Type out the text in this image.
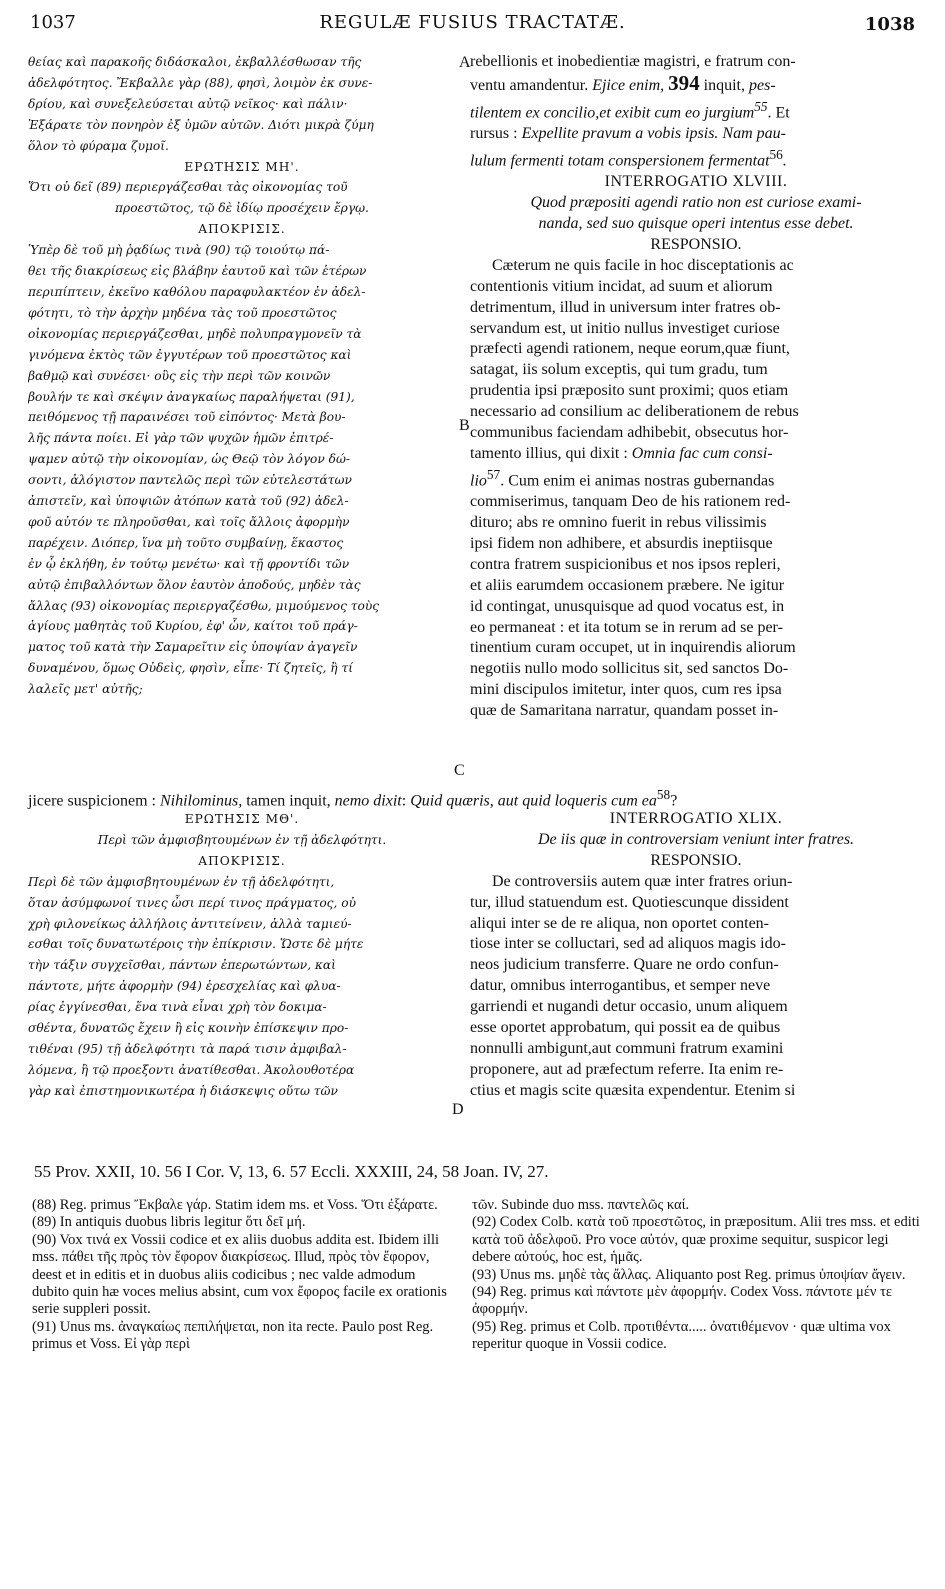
1037	REGULÆ FUSIUS TRACTATÆ.	1038
θείας καὶ παρακοῆς διδάσκαλοι, ἐκβαλλέσθωσαν τῆς
ἀδελφότητος. Ἔκβαλλε γὰρ (88), φησὶ, λοιμὸν ἐκ συνε-
δρίου, καὶ συνεξελεύσεται αὐτῷ νεῖκος· καὶ πάλιν·
Ἐξάρατε τὸν πονηρὸν ἐξ ὑμῶν αὐτῶν. Διότι μικρὰ ζύμη
ὅλον τὸ φύραμα ζυμοῖ.
ΕΡΩΤΗΣΙΣ ΜΗ'.
Ὅτι οὐ δεῖ (89) περιεργάζεσθαι τὰς οἰκονομίας τοῦ
προεστῶτος, τῷ δὲ ἰδίῳ προσέχειν ἔργῳ.
ΑΠΟΚΡΙΣΙΣ.
Ὑπὲρ δὲ τοῦ μὴ ῥᾳδίως τινὰ (90) τῷ τοιούτῳ πά-
θει τῆς διακρίσεως εἰς βλάβην ἑαυτοῦ καὶ τῶν ἑτέρων
περιπίπτειν, ἐκεῖνο καθόλου παραφυλακτέον ἐν ἀδελ-
φότητι, τὸ τὴν ἀρχὴν μηδένα τὰς τοῦ προεστῶτος
οἰκονομίας περιεργάζεσθαι, μηδὲ πολυπραγμονεῖν τὰ
γινόμενα ἐκτὸς τῶν ἐγγυτέρων τοῦ προεστῶτος καὶ
βαθμῷ καὶ συνέσει· οὓς εἰς τὴν περὶ τῶν κοινῶν
βουλήν τε καὶ σκέψιν ἀναγκαίως παραλήψεται (91),
πειθόμενος τῇ παραινέσει τοῦ εἰπόντος· Μετὰ βου-
λῆς πάντα ποίει. Εἰ γὰρ τῶν ψυχῶν ἡμῶν ἐπιτρέ-
ψαμεν αὐτῷ τὴν οἰκονομίαν, ὡς Θεῷ τὸν λόγον δώ-
σοντι, ἀλόγιστον παντελῶς περὶ τῶν εὐτελεστάτων
ἀπιστεῖν, καὶ ὑποψιῶν ἀτόπων κατὰ τοῦ (92) ἀδελ-
φοῦ αὐτόν τε πληροῦσθαι, καὶ τοῖς ἄλλοις ἀφορμὴν
παρέχειν. Διόπερ, ἵνα μὴ τοῦτο συμβαίνῃ, ἕκαστος
ἐν ᾧ ἐκλήθη, ἐν τούτῳ μενέτω· καὶ τῇ φροντίδι τῶν
αὐτῷ ἐπιβαλλόντων ὅλον ἑαυτὸν ἀποδούς, μηδὲν τὰς
ἄλλας (93) οἰκονομίας περιεργαζέσθω, μιμούμενος τοὺς
ἁγίους μαθητὰς τοῦ Κυρίου, ἐφ' ὧν, καίτοι τοῦ πράγ-
ματος τοῦ κατὰ τὴν Σαμαρεῖτιν εἰς ὑποψίαν ἀγαγεῖν
δυναμένου, ὅμως Οὐδεὶς, φησὶν, εἶπε· Τί ζητεῖς, ἢ τί
λαλεῖς μετ' αὐτῆς;
rebellionis et inobedientiæ magistri, e fratrum con-
ventu amandentur. Ejice enim, 394 inquit, pes-
tilentem ex concilio,et exibit cum eo jurgium$^{55}$. Et
rursus : Expellite pravum a vobis ipsis. Nam pau-
lulum fermenti totam conspersionem fermentat$^{56}$.
INTERROGATIO XLVIII.
Quod præpositi agendi ratio non est curiose exami-
nanda, sed suo quisque operi intentus esse debet.
RESPONSIO.
Cæterum ne quis facile in hoc disceptationis ac
contentionis vitium incidat, ad suum et aliorum
detrimentum, illud in universum inter fratres ob-
servandum est, ut initio nullus investiget curiose
præfecti agendi rationem, neque eorum,quæ fiunt,
satagat, iis solum exceptis, qui tum gradu, tum
prudentia ipsi præposito sunt proximi; quos etiam
necessario ad consilium ac deliberationem de rebus
communibus faciendam adhibebit, obsecutus hor-
tamento illius, qui dixit : Omnia fac cum consi-
lio$^{57}$. Cum enim ei animas nostras gubernandas
commiserimus, tanquam Deo de his rationem red-
dituro; abs re omnino fuerit in rebus vilissimis
ipsi fidem non adhibere, et absurdis ineptiisque
contra fratrem suspicionibus et nos ipsos repleri,
et aliis earumdem occasionem præbere. Ne igitur
id contingat, unusquisque ad quod vocatus est, in
eo permaneat : et ita totum se in rerum ad se per-
tinentium curam occupet, ut in inquirendis aliorum
negotiis nullo modo sollicitus sit, sed sanctos Do-
mini discipulos imitetur, inter quos, cum res ipsa
quæ de Samaritana narratur, quandam posset in-
A
B
C
D
jicere suspicionem : Nihilominus, tamen inquit, nemo dixit: Quid quæris, aut quid loqueris cum $ea^{58}$?
ΕΡΩΤΗΣΙΣ ΜΘ'.
Περὶ τῶν ἀμφισβητουμένων ἐν τῇ ἀδελφότητι.
ΑΠΟΚΡΙΣΙΣ.
Περὶ δὲ τῶν ἀμφισβητουμένων ἐν τῇ ἀδελφότητι,
ὅταν ἀσύμφωνοί τινες ὦσι περί τινος πράγματος, οὐ
χρὴ φιλονείκως ἀλλήλοις ἀντιτείνειν, ἀλλὰ ταμιεύ-
εσθαι τοῖς δυνατωτέροις τὴν ἐπίκρισιν. Ὥστε δὲ μήτε
τὴν τάξιν συγχεῖσθαι, πάντων ἐπερωτώντων, καὶ
πάντοτε, μήτε ἀφορμὴν (94) ἐρεσχελίας καὶ φλυα-
ρίας ἐγγίνεσθαι, ἕνα τινὰ εἶναι χρὴ τὸν δοκιμα-
σθέντα, δυνατῶς ἔχειν ἢ εἰς κοινὴν ἐπίσκεψιν προ-
τιθέναι (95) τῇ ἀδελφότητι τὰ παρά τισιν ἀμφιβαλ-
λόμενα, ἢ τῷ προεξοντι ἀνατίθεσθαι. Ἀκολουθοτέρα
γὰρ καὶ ἐπιστημονικωτέρα ἡ διάσκεψις οὕτω τῶν
INTERROGATIO XLIX.
De iis quæ in controversiam veniunt inter fratres.
RESPONSIO.
De controversiis autem quæ inter fratres oriun-
tur, illud statuendum est. Quotiescunque dissident
aliqui inter se de re aliqua, non oportet conten-
tiose inter se colluctari, sed ad aliquos magis ido-
neos judicium transferre. Quare ne ordo confun-
datur, omnibus interrogantibus, et semper neve
garriendi et nugandi detur occasio, unum aliquem
esse oportet approbatum, qui possit ea de quibus
nonnulli ambigunt,aut communi fratrum examini
proponere, aut ad præfectum referre. Ita enim re-
ctius et magis scite quæsita expendentur. Etenim si
55 Prov. XXII, 10. 56 I Cor. V, 13, 6. 57 Eccli. XXXIII, 24, 58 Joan. IV, 27.

(88) Reg. primus Ἔκβαλε γάρ. Statim idem ms. et Voss. Ὅτι ἐξάρατε.

(89) In antiquis duobus libris legitur ὅτι δεῖ μή.

(90) Vox τινά ex Vossii codice et ex aliis duobus addita est. Ibidem illi mss. πάθει τῆς πρὸς τὸν ἔφορον διακρίσεως. Illud, πρὸς τὸν ἔφορον, deest et in editis et in duobus aliis codicibus ; nec valde admodum dubito quin hæ voces melius absint, cum vox ἔφορος facile ex orationis serie suppleri possit.

(91) Unus ms. ἀναγκαίως πεπιλήψεται, non ita recte. Paulo post Reg. primus et Voss. Εἰ γὰρ περὶ

τῶν. Subinde duo mss. παντελῶς καί.

(92) Codex Colb. κατὰ τοῦ προεστῶτος, in præpositum. Alii tres mss. et editi κατὰ τοῦ ἀδελφοῦ. Pro voce αὐτόν, quæ proxime sequitur, suspicor legi debere αὐτούς, hoc est, ἡμᾶς.

(93) Unus ms. μηδὲ τὰς ἄλλας. Aliquanto post Reg. primus ὑποψίαν ἄγειν.

(94) Reg. primus καὶ πάντοτε μὲν ἀφορμήν. Codex Voss. πάντοτε μέν τε ἀφορμήν.

(95) Reg. primus et Colb. προτιθέντα..... ὀνατιθέμενον · quæ ultima vox reperitur quoque in Vossii codice.
